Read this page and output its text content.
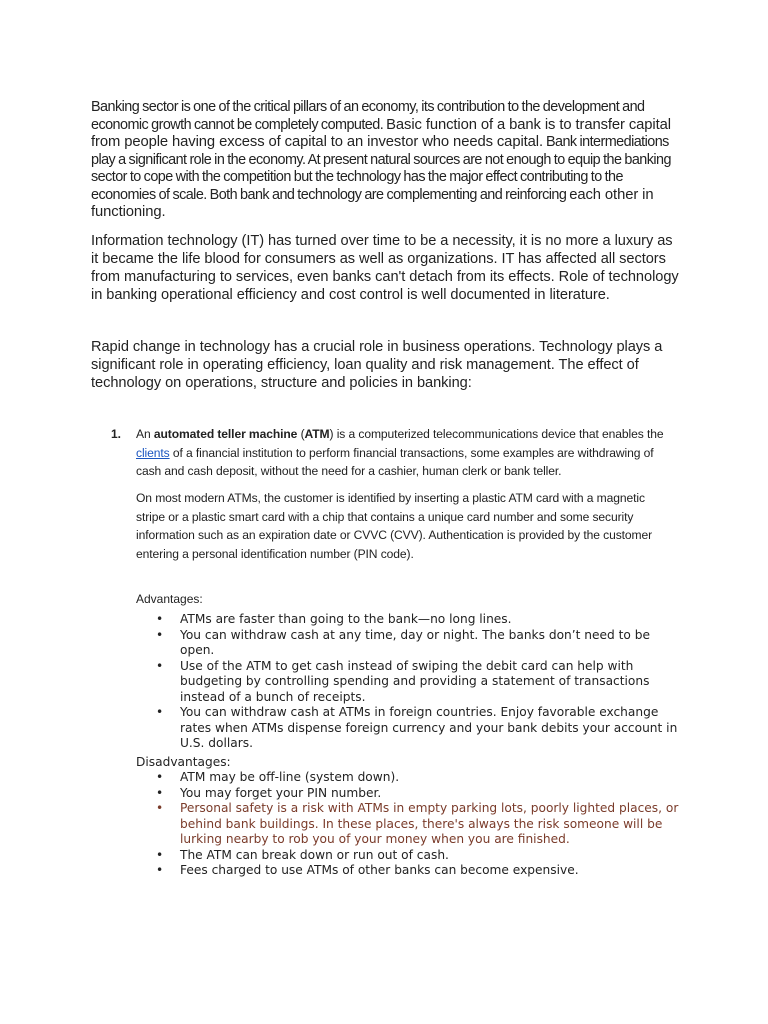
Banking sector is one of the critical pillars of an economy, its contribution to the development and economic growth cannot be completely computed. Basic function of a bank is to transfer capital from people having excess of capital to an investor who needs capital. Bank intermediations play a significant role in the economy. At present natural sources are not enough to equip the banking sector to cope with the competition but the technology has the major effect contributing to the economies of scale. Both bank and technology are complementing and reinforcing each other in functioning.

Information technology (IT) has turned over time to be a necessity, it is no more a luxury as it became the life blood for consumers as well as organizations. IT has affected all sectors from manufacturing to services, even banks can't detach from its effects. Role of technology in banking operational efficiency and cost control is well documented in literature.

Rapid change in technology has a crucial role in business operations. Technology plays a significant role in operating efficiency, loan quality and risk management. The effect of technology on operations, structure and policies in banking:

1. An automated teller machine (ATM) is a computerized telecommunications device that enables the clients of a financial institution to perform financial transactions, some examples are withdrawing of cash and cash deposit, without the need for a cashier, human clerk or bank teller.

On most modern ATMs, the customer is identified by inserting a plastic ATM card with a magnetic stripe or a plastic smart card with a chip that contains a unique card number and some security information such as an expiration date or CVVC (CVV). Authentication is provided by the customer entering a personal identification number (PIN code).

Advantages:
• ATMs are faster than going to the bank—no long lines.
• You can withdraw cash at any time, day or night. The banks don’t need to be open.
• Use of the ATM to get cash instead of swiping the debit card can help with budgeting by controlling spending and providing a statement of transactions instead of a bunch of receipts.
• You can withdraw cash at ATMs in foreign countries. Enjoy favorable exchange rates when ATMs dispense foreign currency and your bank debits your account in U.S. dollars.
Disadvantages:
• ATM may be off-line (system down).
• You may forget your PIN number.
• Personal safety is a risk with ATMs in empty parking lots, poorly lighted places, or behind bank buildings. In these places, there's always the risk someone will be lurking nearby to rob you of your money when you are finished.
• The ATM can break down or run out of cash.
• Fees charged to use ATMs of other banks can become expensive.
